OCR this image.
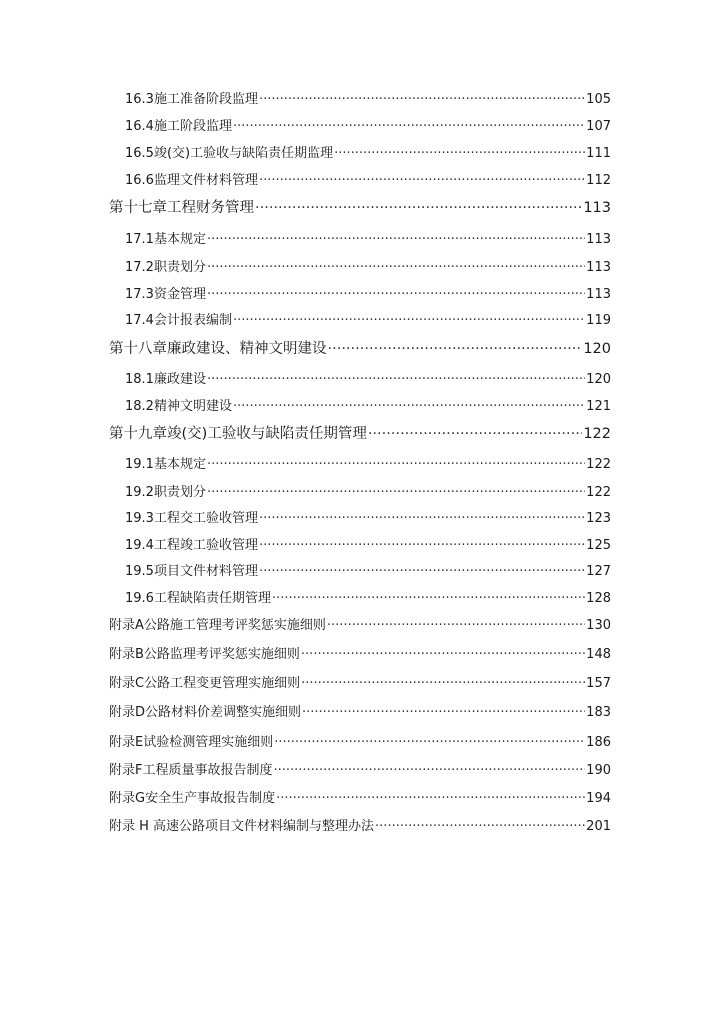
16.3施工准备阶段监理 ·····	105
16.4施工阶段监理 ·····	107
16.5竣(交)工验收与缺陷责任期监理 ·····	111
16.6监理文件材料管理 ·····	112
第十七章工程财务管理 ·····	113
17.1基本规定 ·····	113
17.2职责划分 ·····	113
17.3资金管理 ·····	113
17.4会计报表编制 ·····	119
第十八章廉政建设、精神文明建设 ·····	120
18.1廉政建设 ·····	120
18.2精神文明建设 ·····	121
第十九章竣(交)工验收与缺陷责任期管理 ·····	122
19.1基本规定 ·····	122
19.2职责划分 ·····	122
19.3工程交工验收管理 ·····	123
19.4工程竣工验收管理 ·····	125
19.5项目文件材料管理 ·····	127
19.6工程缺陷责任期管理 ·····	128
附录A公路施工管理考评奖惩实施细则 ·····	130
附录B公路监理考评奖惩实施细则 ·····	148
附录C公路工程变更管理实施细则 ·····	157
附录D公路材料价差调整实施细则 ·····	183
附录E试验检测管理实施细则 ·····	186
附录F工程质量事故报告制度 ·····	190
附录G安全生产事故报告制度 ·····	194
附录 H 高速公路项目文件材料编制与整理办法 ·····	201
